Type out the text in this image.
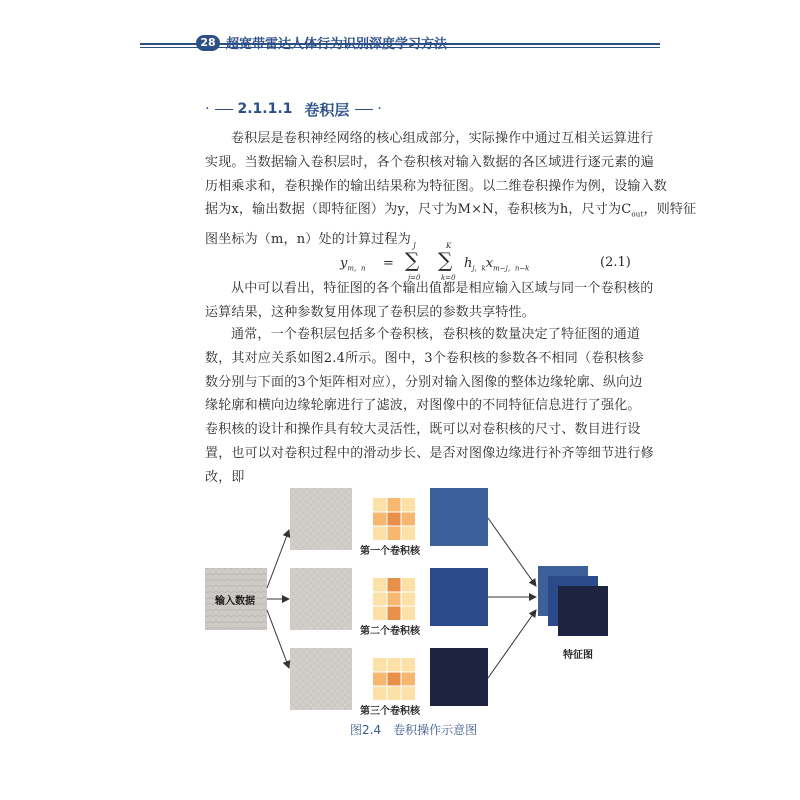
28 超宽带雷达人体行为识别深度学习方法
· 2.1.1.1 卷积层 ·
卷积层是卷积神经网络的核心组成部分，实际操作中通过互相关运算进行
实现。当数据输入卷积层时，各个卷积核对输入数据的各区域进行逐元素的遍
历相乘求和，卷积操作的输出结果称为特征图。以二维卷积操作为例，设输入数
据为x，输出数据（即特征图）为y，尺寸为M×N，卷积核为h，尺寸为$C_{out}$，则特征
图坐标为（m，n）处的计算过程为
$y_{m,n}$ =
J
∑
j=0
K
∑
k=0
$h_{j,k}x_{m-j,n-k}$	(2.1)
从中可以看出，特征图的各个输出值都是相应输入区域与同一个卷积核的
运算结果，这种参数复用体现了卷积层的参数共享特性。
通常，一个卷积层包括多个卷积核，卷积核的数量决定了特征图的通道
数，其对应关系如图2.4所示。图中，3个卷积核的参数各不相同（卷积核参
数分别与下面的3个矩阵相对应），分别对输入图像的整体边缘轮廓、纵向边
缘轮廓和横向边缘轮廓进行了滤波，对图像中的不同特征信息进行了强化。
卷积核的设计和操作具有较大灵活性，既可以对卷积核的尺寸、数目进行设
置，也可以对卷积过程中的滑动步长、是否对图像边缘进行补齐等细节进行修
改，即
输入数据
第一个卷积核
第二个卷积核
第三个卷积核
特征图
图2.4　卷积操作示意图
